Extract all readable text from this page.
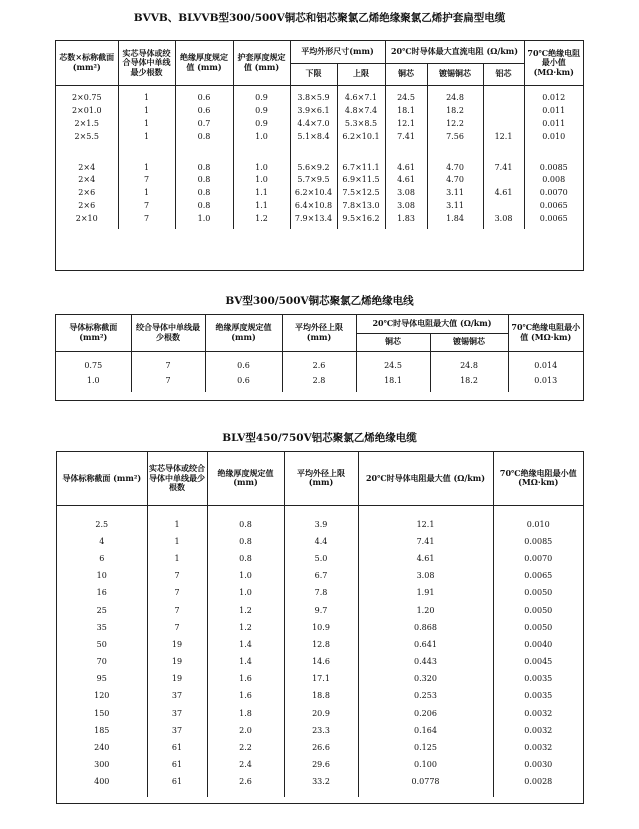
BVVB、BLVVB型300/500V铜芯和铝芯聚氯乙烯绝缘聚氯乙烯护套扁型电缆
芯数×标称截面 (mm²)	实芯导体或绞合导体中单线最少根数	绝缘厚度规定值 (mm)	护套厚度规定值 (mm)	平均外形尺寸(mm)		20℃时导体最大直流电阻 (Ω/km)			70℃绝缘电阻最小值 (MΩ·km)
				下限	上限	铜芯	镀锡铜芯	铝芯	

2×0.75	1	0.6	0.9	3.8×5.9	4.6×7.1	24.5	24.8		0.012
2×01.0	1	0.6	0.9	3.9×6.1	4.8×7.4	18.1	18.2		0.011
2×1.5	1	0.7	0.9	4.4×7.0	5.3×8.5	12.1	12.2		0.011
2×5.5	1	0.8	1.0	5.1×8.4	6.2×10.1	7.41	7.56	12.1	0.010

2×4	1	0.8	1.0	5.6×9.2	6.7×11.1	4.61	4.70	7.41	0.0085
2×4	7	0.8	1.0	5.7×9.5	6.9×11.5	4.61	4.70		0.008
2×6	1	0.8	1.1	6.2×10.4	7.5×12.5	3.08	3.11	4.61	0.0070
2×6	7	0.8	1.1	6.4×10.8	7.8×13.0	3.08	3.11		0.0065
2×10	7	1.0	1.2	7.9×13.4	9.5×16.2	1.83	1.84	3.08	0.0065

BV型300/500V铜芯聚氯乙烯绝缘电线
导体标称截面 (mm²)	绞合导体中单线最少根数	绝缘厚度规定值 (mm)	平均外径上限 (mm)	20℃时导体电阻最大值 (Ω/km)		70℃绝缘电阻最小值 (MΩ·km)
				铜芯	镀锡铜芯	

0.75	7	0.6	2.6	24.5	24.8	0.014
1.0	7	0.6	2.8	18.1	18.2	0.013

BLV型450/750V铝芯聚氯乙烯绝缘电缆
导体标称截面 (mm²)	实芯导体或绞合导体中单线最少根数	绝缘厚度规定值 (mm)	平均外径上限 (mm)	20℃时导体电阻最大值 (Ω/km)	70℃绝缘电阻最小值 (MΩ·km)

2.5	1	0.8	3.9	12.1	0.010
4	1	0.8	4.4	7.41	0.0085
6	1	0.8	5.0	4.61	0.0070
10	7	1.0	6.7	3.08	0.0065
16	7	1.0	7.8	1.91	0.0050
25	7	1.2	9.7	1.20	0.0050
35	7	1.2	10.9	0.868	0.0050
50	19	1.4	12.8	0.641	0.0040
70	19	1.4	14.6	0.443	0.0045
95	19	1.6	17.1	0.320	0.0035
120	37	1.6	18.8	0.253	0.0035
150	37	1.8	20.9	0.206	0.0032
185	37	2.0	23.3	0.164	0.0032
240	61	2.2	26.6	0.125	0.0032
300	61	2.4	29.6	0.100	0.0030
400	61	2.6	33.2	0.0778	0.0028
